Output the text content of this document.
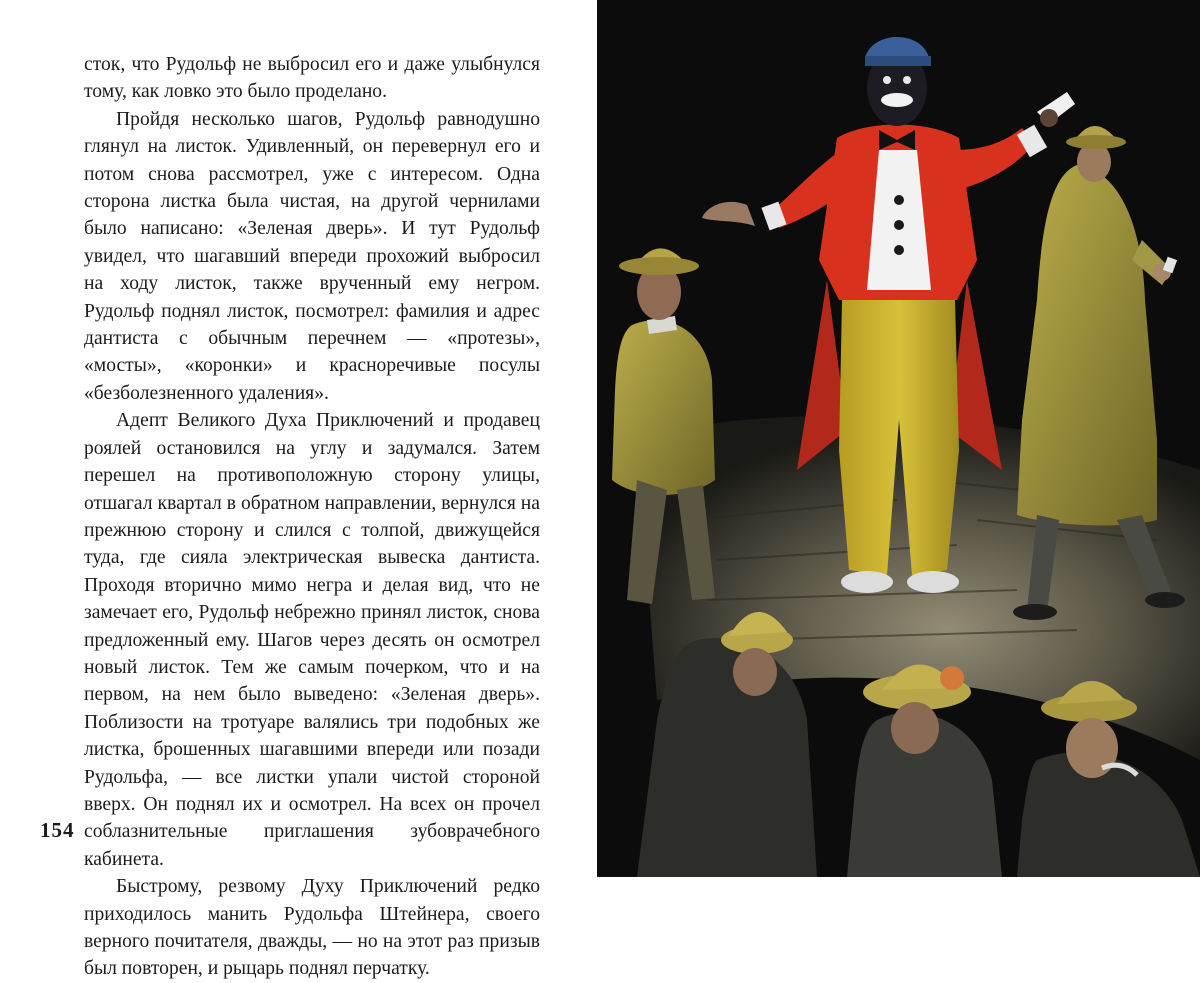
сток, что Рудольф не выбросил его и даже улыбнулся тому, как ловко это было проделано.

Пройдя несколько шагов, Рудольф равнодушно глянул на листок. Удивленный, он перевернул его и потом снова рассмотрел, уже с интересом. Одна сторона листка была чистая, на другой чернилами было написано: «Зеленая дверь». И тут Рудольф увидел, что шагавший впереди прохожий выбросил на ходу листок, также врученный ему негром. Рудольф поднял листок, посмотрел: фамилия и адрес дантиста с обычным перечнем — «протезы», «мосты», «коронки» и красноречивые посулы «безболезненного удаления».

Адепт Великого Духа Приключений и продавец роялей остановился на углу и задумался. Затем перешел на противоположную сторону улицы, отшагал квартал в обратном направлении, вернулся на прежнюю сторону и слился с толпой, движущейся туда, где сияла электрическая вывеска дантиста. Проходя вторично мимо негра и делая вид, что не замечает его, Рудольф небрежно принял листок, снова предложенный ему. Шагов через десять он осмотрел новый листок. Тем же самым почерком, что и на первом, на нем было выведено: «Зеленая дверь». Поблизости на тротуаре валялись три подобных же листка, брошенных шагавшими впереди или позади Рудольфа, — все листки упали чистой стороной вверх. Он поднял их и осмотрел. На всех он прочел соблазнительные приглашения зубоврачебного кабинета.

Быстрому, резвому Духу Приключений редко приходилось манить Рудольфа Штейнера, своего верного почитателя, дважды, — но на этот раз призыв был повторен, и рыцарь поднял перчатку.

154
